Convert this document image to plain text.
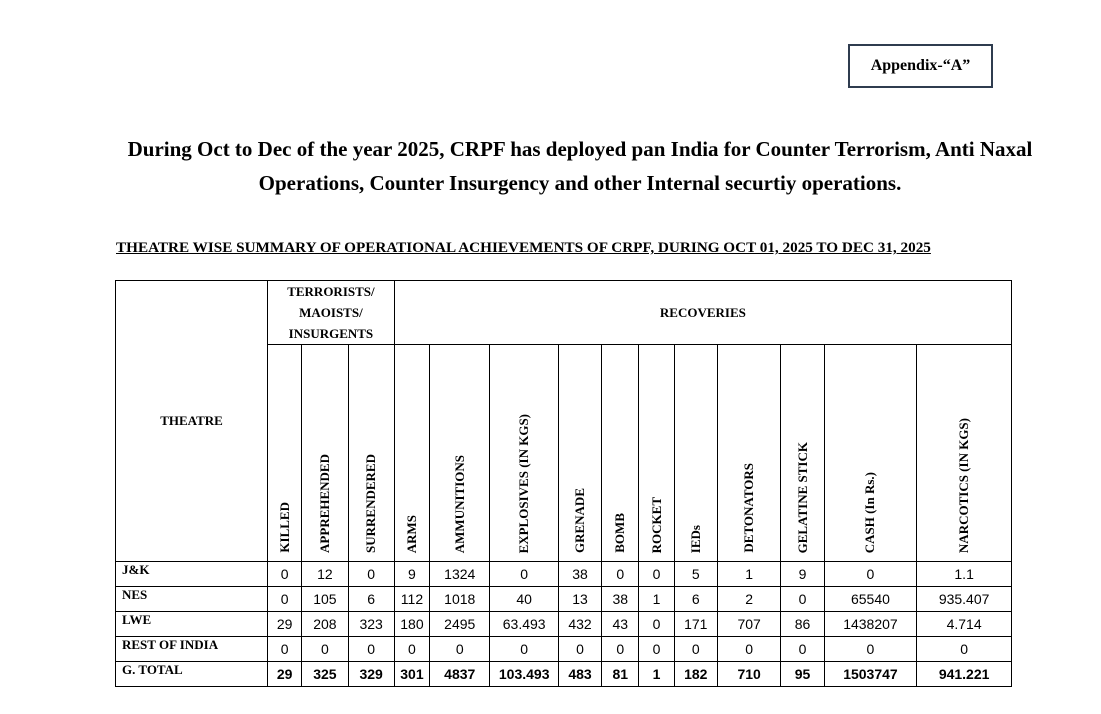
Appendix-“A”
During Oct to Dec of the year 2025, CRPF has deployed pan India for Counter Terrorism, Anti Naxal Operations, Counter Insurgency and other Internal securtiy operations.
THEATRE WISE SUMMARY OF OPERATIONAL ACHIEVEMENTS OF CRPF, DURING OCT 01, 2025 TO DEC 31, 2025
THEATRE	TERRORISTS/
MAOISTS/
INSURGENTS			RECOVERIES										
	KILLED	APPREHENDED	SURRENDERED	ARMS	AMMUNITIONS	EXPLOSIVES (IN KGS)	GRENADE	BOMB	ROCKET	IEDs	DETONATORS	GELATINE STICK	CASH (In Rs.)	NARCOTICS (IN KGS)
J&K	0	12	0	9	1324	0	38	0	0	5	1	9	0	1.1
NES	0	105	6	112	1018	40	13	38	1	6	2	0	65540	935.407
LWE	29	208	323	180	2495	63.493	432	43	0	171	707	86	1438207	4.714
REST OF INDIA	0	0	0	0	0	0	0	0	0	0	0	0	0	0
G. TOTAL	29	325	329	301	4837	103.493	483	81	1	182	710	95	1503747	941.221
